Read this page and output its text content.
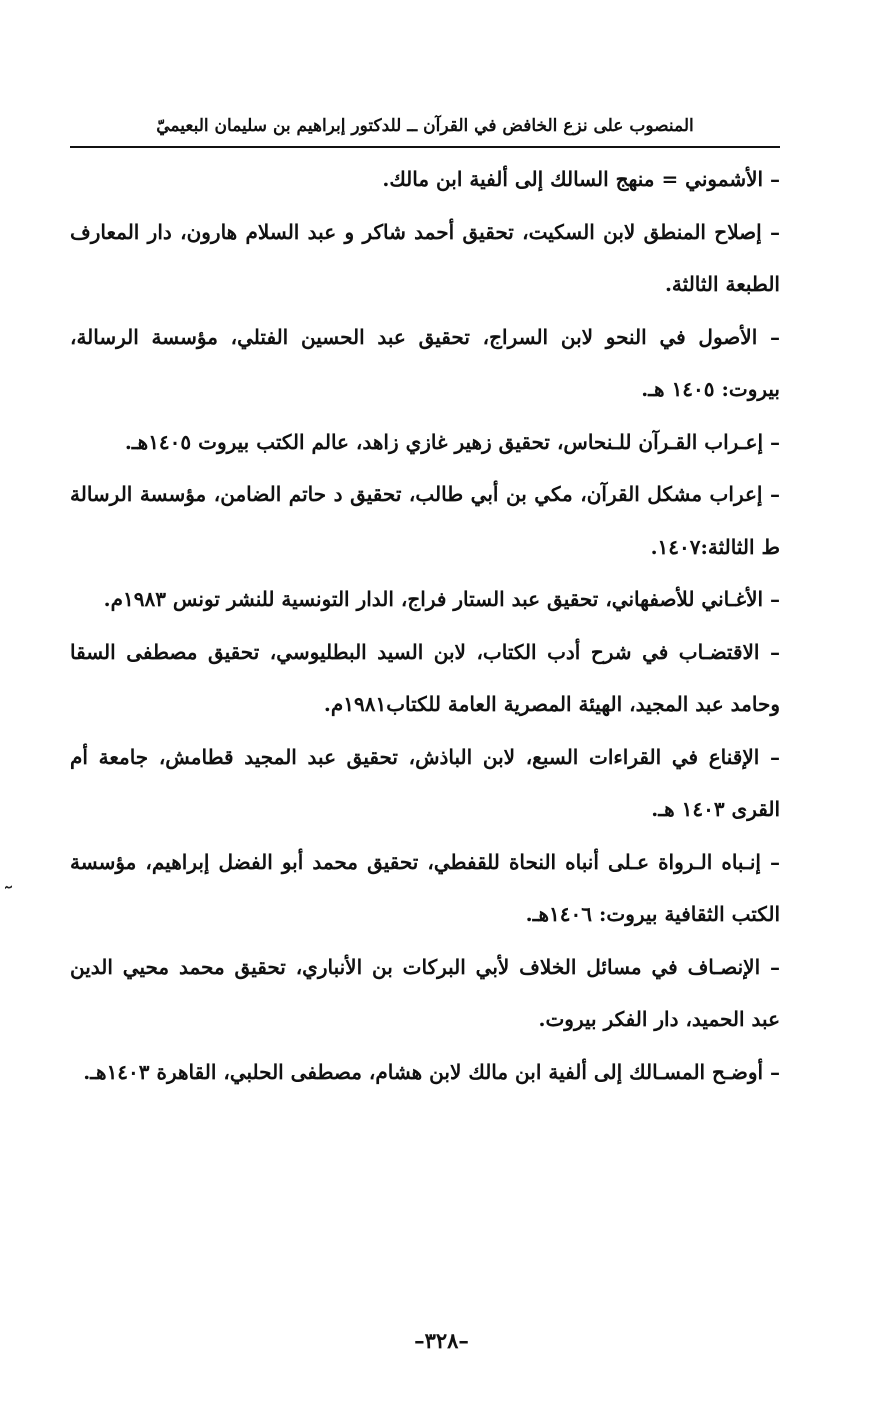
المنصوب على نزع الخافض في القرآن ــ للدكتور إبراهيم بن سليمان البعيميّ

– الأشموني = منهج السالك إلى ألفية ابن مالك.

– إصلاح المنطق لابن السكيت، تحقيق أحمد شاكر و عبد السلام هارون، دار المعارف الطبعة الثالثة.

– الأصول في النحو لابن السراج، تحقيق عبد الحسين الفتلي، مؤسسة الرسالة، بيروت: ١٤٠٥ هـ.

– إعـراب القـرآن للـنحاس، تحقيق زهير غازي زاهد، عالم الكتب بيروت ١٤٠٥هـ.

– إعراب مشكل القرآن، مكي بن أبي طالب، تحقيق د حاتم الضامن، مؤسسة الرسالة ط الثالثة:١٤٠٧.

– الأغـاني للأصفهاني، تحقيق عبد الستار فراج، الدار التونسية للنشر تونس ١٩٨٣م.

– الاقتضـاب في شرح أدب الكتاب، لابن السيد البطليوسي، تحقيق مصطفى السقا وحامد عبد المجيد، الهيئة المصرية العامة للكتاب١٩٨١م.

– الإقناع في القراءات السبع، لابن الباذش، تحقيق عبد المجيد قطامش، جامعة أم القرى ١٤٠٣ هـ.

– إنـباه الـرواة عـلى أنباه النحاة للقفطي، تحقيق محمد أبو الفضل إبراهيم، مؤسسة الكتب الثقافية بيروت: ١٤٠٦هـ.

– الإنصـاف في مسائل الخلاف لأبي البركات بن الأنباري، تحقيق محمد محيي الدين عبد الحميد، دار الفكر بيروت.

– أوضـح المسـالك إلى ألفية ابن مالك لابن هشام، مصطفى الحلبي، القاهرة ١٤٠٣هـ.

–٣٢٨–
